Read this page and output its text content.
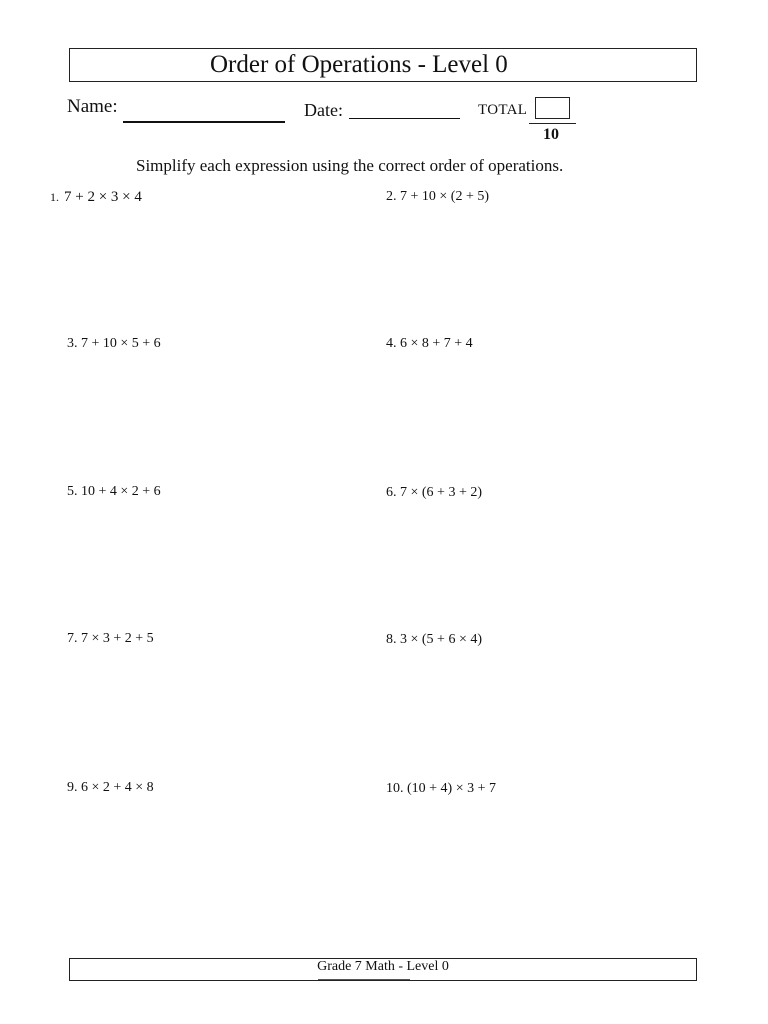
Order of Operations - Level 0
Name:	Date:	TOTAL
10
Simplify each expression using the correct order of operations.
1. 7 + 2 × 3 × 4	2. 7 + 10 × (2 + 5)
3. 7 + 10 × 5 + 6	4. 6 × 8 + 7 + 4
5. 10 + 4 × 2 + 6	6. 7 × (6 + 3 + 2)
7. 7 × 3 + 2 + 5	8. 3 × (5 + 6 × 4)
9. 6 × 2 + 4 × 8	10. (10 + 4) × 3 + 7
Grade 7 Math - Level 0
